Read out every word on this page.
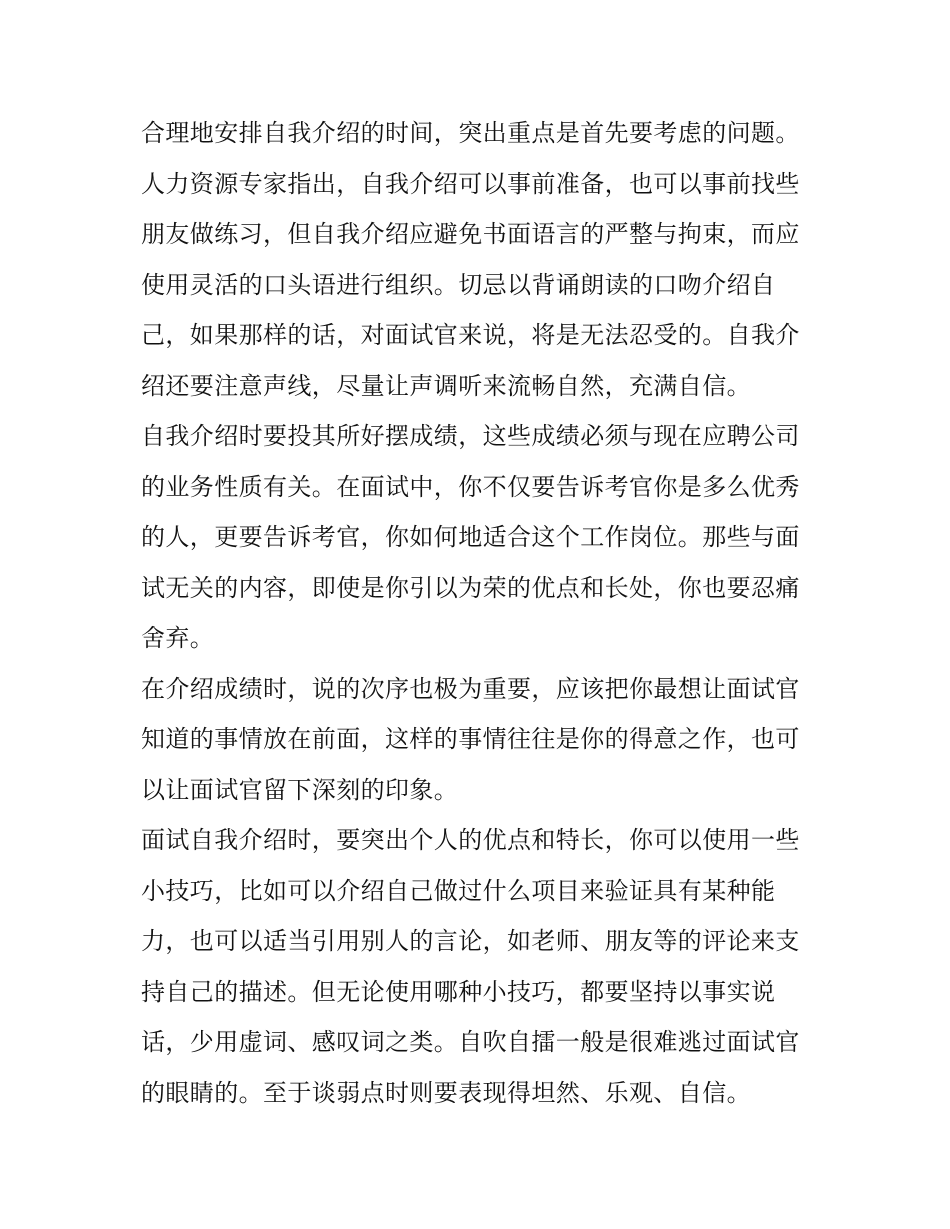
合理地安排自我介绍的时间，突出重点是首先要考虑的问题。
人力资源专家指出，自我介绍可以事前准备，也可以事前找些
朋友做练习，但自我介绍应避免书面语言的严整与拘束，而应
使用灵活的口头语进行组织。切忌以背诵朗读的口吻介绍自
己，如果那样的话，对面试官来说，将是无法忍受的。自我介
绍还要注意声线，尽量让声调听来流畅自然，充满自信。
自我介绍时要投其所好摆成绩，这些成绩必须与现在应聘公司
的业务性质有关。在面试中，你不仅要告诉考官你是多么优秀
的人，更要告诉考官，你如何地适合这个工作岗位。那些与面
试无关的内容，即使是你引以为荣的优点和长处，你也要忍痛
舍弃。
在介绍成绩时，说的次序也极为重要，应该把你最想让面试官
知道的事情放在前面，这样的事情往往是你的得意之作，也可
以让面试官留下深刻的印象。
面试自我介绍时，要突出个人的优点和特长，你可以使用一些
小技巧，比如可以介绍自己做过什么项目来验证具有某种能
力，也可以适当引用别人的言论，如老师、朋友等的评论来支
持自己的描述。但无论使用哪种小技巧，都要坚持以事实说
话，少用虚词、感叹词之类。自吹自擂一般是很难逃过面试官
的眼睛的。至于谈弱点时则要表现得坦然、乐观、自信。
